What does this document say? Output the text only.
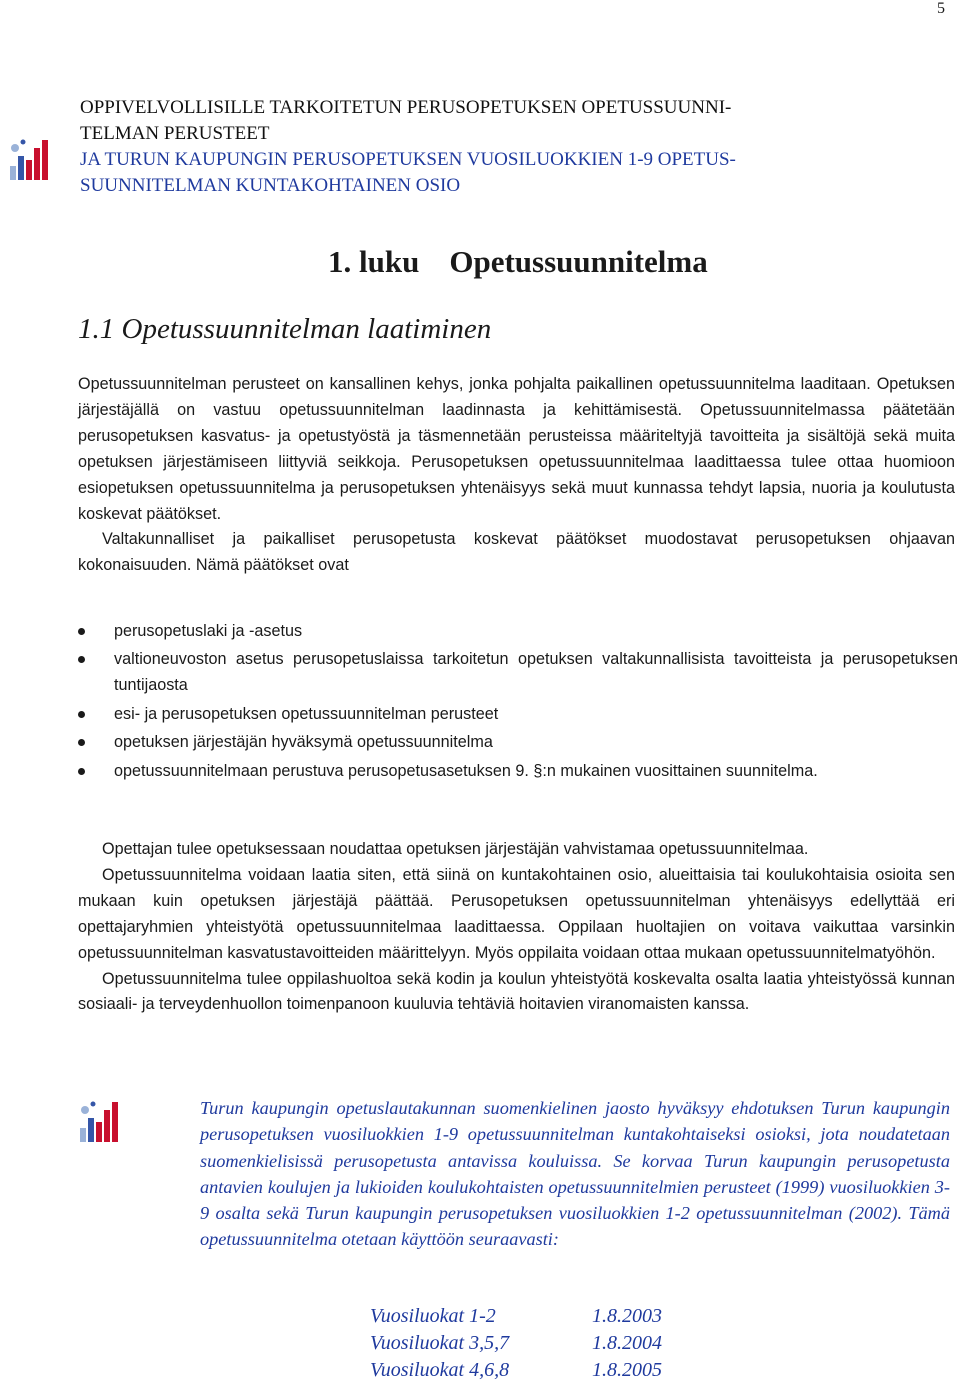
5
OPPIVELVOLLISILLE TARKOITETUN PERUSOPETUKSEN OPETUSSUUNNI-
TELMAN PERUSTEET
JA TURUN KAUPUNGIN PERUSOPETUKSEN VUOSILUOKKIEN 1-9 OPETUS-
SUUNNITELMAN KUNTAKOHTAINEN OSIO
1. luku Opetussuunnitelma
1.1 Opetussuunnitelman laatiminen

Opetussuunnitelman perusteet on kansallinen kehys, jonka pohjalta paikallinen opetussuunnitelma laaditaan. Opetuksen järjestäjällä on vastuu opetussuunnitelman laadinnasta ja kehittämisestä. Opetussuunnitelmassa päätetään perusopetuksen kasvatus- ja opetustyöstä ja täsmennetään perusteissa määriteltyjä tavoitteita ja sisältöjä sekä muita opetuksen järjestämiseen liittyviä seikkoja. Perusopetuksen opetussuunnitelmaa laadittaessa tulee ottaa huomioon esiopetuksen opetussuunnitelma ja perusopetuksen yhtenäisyys sekä muut kunnassa tehdyt lapsia, nuoria ja koulutusta koskevat päätökset.

Valtakunnalliset ja paikalliset perusopetusta koskevat päätökset muodostavat perusopetuksen ohjaavan kokonaisuuden. Nämä päätökset ovat

perusopetuslaki ja -asetus
valtioneuvoston asetus perusopetuslaissa tarkoitetun opetuksen valtakunnallisista tavoitteista ja perusopetuksen tuntijaosta
esi- ja perusopetuksen opetussuunnitelman perusteet
opetuksen järjestäjän hyväksymä opetussuunnitelma
opetussuunnitelmaan perustuva perusopetusasetuksen 9. §:n mukainen vuosittainen suunnitelma.

Opettajan tulee opetuksessaan noudattaa opetuksen järjestäjän vahvistamaa opetussuunnitelmaa.

Opetussuunnitelma voidaan laatia siten, että siinä on kuntakohtainen osio, alueittaisia tai koulukohtaisia osioita sen mukaan kuin opetuksen järjestäjä päättää. Perusopetuksen opetussuunnitelman yhtenäisyys edellyttää eri opettajaryhmien yhteistyötä opetussuunnitelmaa laadittaessa. Oppilaan huoltajien on voitava vaikuttaa varsinkin opetussuunnitelman kasvatustavoitteiden määrittelyyn. Myös oppilaita voidaan ottaa mukaan opetussuunnitelmatyöhön.

Opetussuunnitelma tulee oppilashuoltoa sekä kodin ja koulun yhteistyötä koskevalta osalta laatia yhteistyössä kunnan sosiaali- ja terveydenhuollon toimenpanoon kuuluvia tehtäviä hoitavien viranomaisten kanssa.

Turun kaupungin opetuslautakunnan suomenkielinen jaosto hyväksyy ehdotuksen Turun kaupungin perusopetuksen vuosiluokkien 1-9 opetussuunnitelman kuntakohtaiseksi osioksi, jota noudatetaan suomenkielisissä perusopetusta antavissa kouluissa. Se korvaa Turun kaupungin perusopetusta antavien koulujen ja lukioiden koulukohtaisten opetussuunnitelmien perusteet (1999) vuosiluokkien 3-9 osalta sekä Turun kaupungin perusopetuksen vuosiluokkien 1-2 opetussuunnitelman (2002). Tämä opetussuunnitelma otetaan käyttöön seuraavasti:
Vuosiluokat 1-2	1.8.2003
Vuosiluokat 3,5,7	1.8.2004
Vuosiluokat 4,6,8	1.8.2005
